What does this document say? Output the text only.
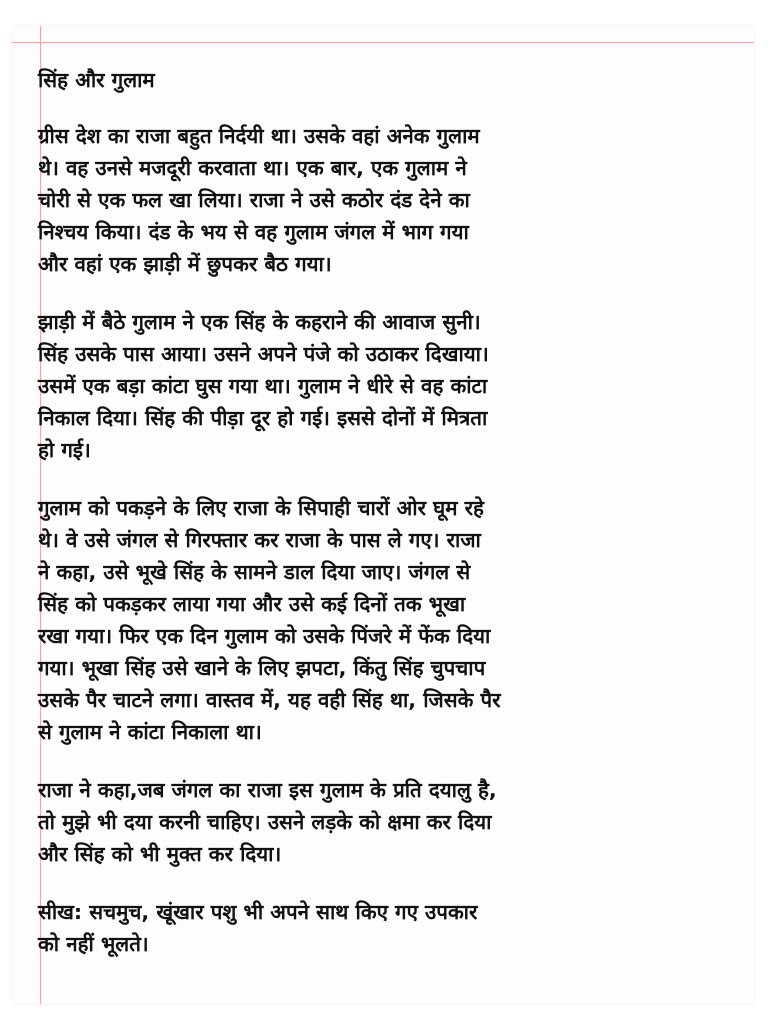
सिंह और गुलाम
ग्रीस देश का राजा बहुत निर्दयी था। उसके वहां अनेक गुलाम
थे। वह उनसे मजदूरी करवाता था। एक बार, एक गुलाम ने
चोरी से एक फल खा लिया। राजा ने उसे कठोर दंड देने का
निश्चय किया। दंड के भय से वह गुलाम जंगल में भाग गया
और वहां एक झाड़ी में छुपकर बैठ गया।
झाड़ी में बैठे गुलाम ने एक सिंह के कहराने की आवाज सुनी।
सिंह उसके पास आया। उसने अपने पंजे को उठाकर दिखाया।
उसमें एक बड़ा कांटा घुस गया था। गुलाम ने धीरे से वह कांटा
निकाल दिया। सिंह की पीड़ा दूर हो गई। इससे दोनों में मित्रता
हो गई।
गुलाम को पकड़ने के लिए राजा के सिपाही चारों ओर घूम रहे
थे। वे उसे जंगल से गिरफ्तार कर राजा के पास ले गए। राजा
ने कहा, उसे भूखे सिंह के सामने डाल दिया जाए। जंगल से
सिंह को पकड़कर लाया गया और उसे कई दिनों तक भूखा
रखा गया। फिर एक दिन गुलाम को उसके पिंजरे में फेंक दिया
गया। भूखा सिंह उसे खाने के लिए झपटा, किंतु सिंह चुपचाप
उसके पैर चाटने लगा। वास्तव में, यह वही सिंह था, जिसके पैर
से गुलाम ने कांटा निकाला था।
राजा ने कहा,जब जंगल का राजा इस गुलाम के प्रति दयालु है,
तो मुझे भी दया करनी चाहिए। उसने लड़के को क्षमा कर दिया
और सिंह को भी मुक्त कर दिया।
सीख: सचमुच, खूंखार पशु भी अपने साथ किए गए उपकार
को नहीं भूलते।
